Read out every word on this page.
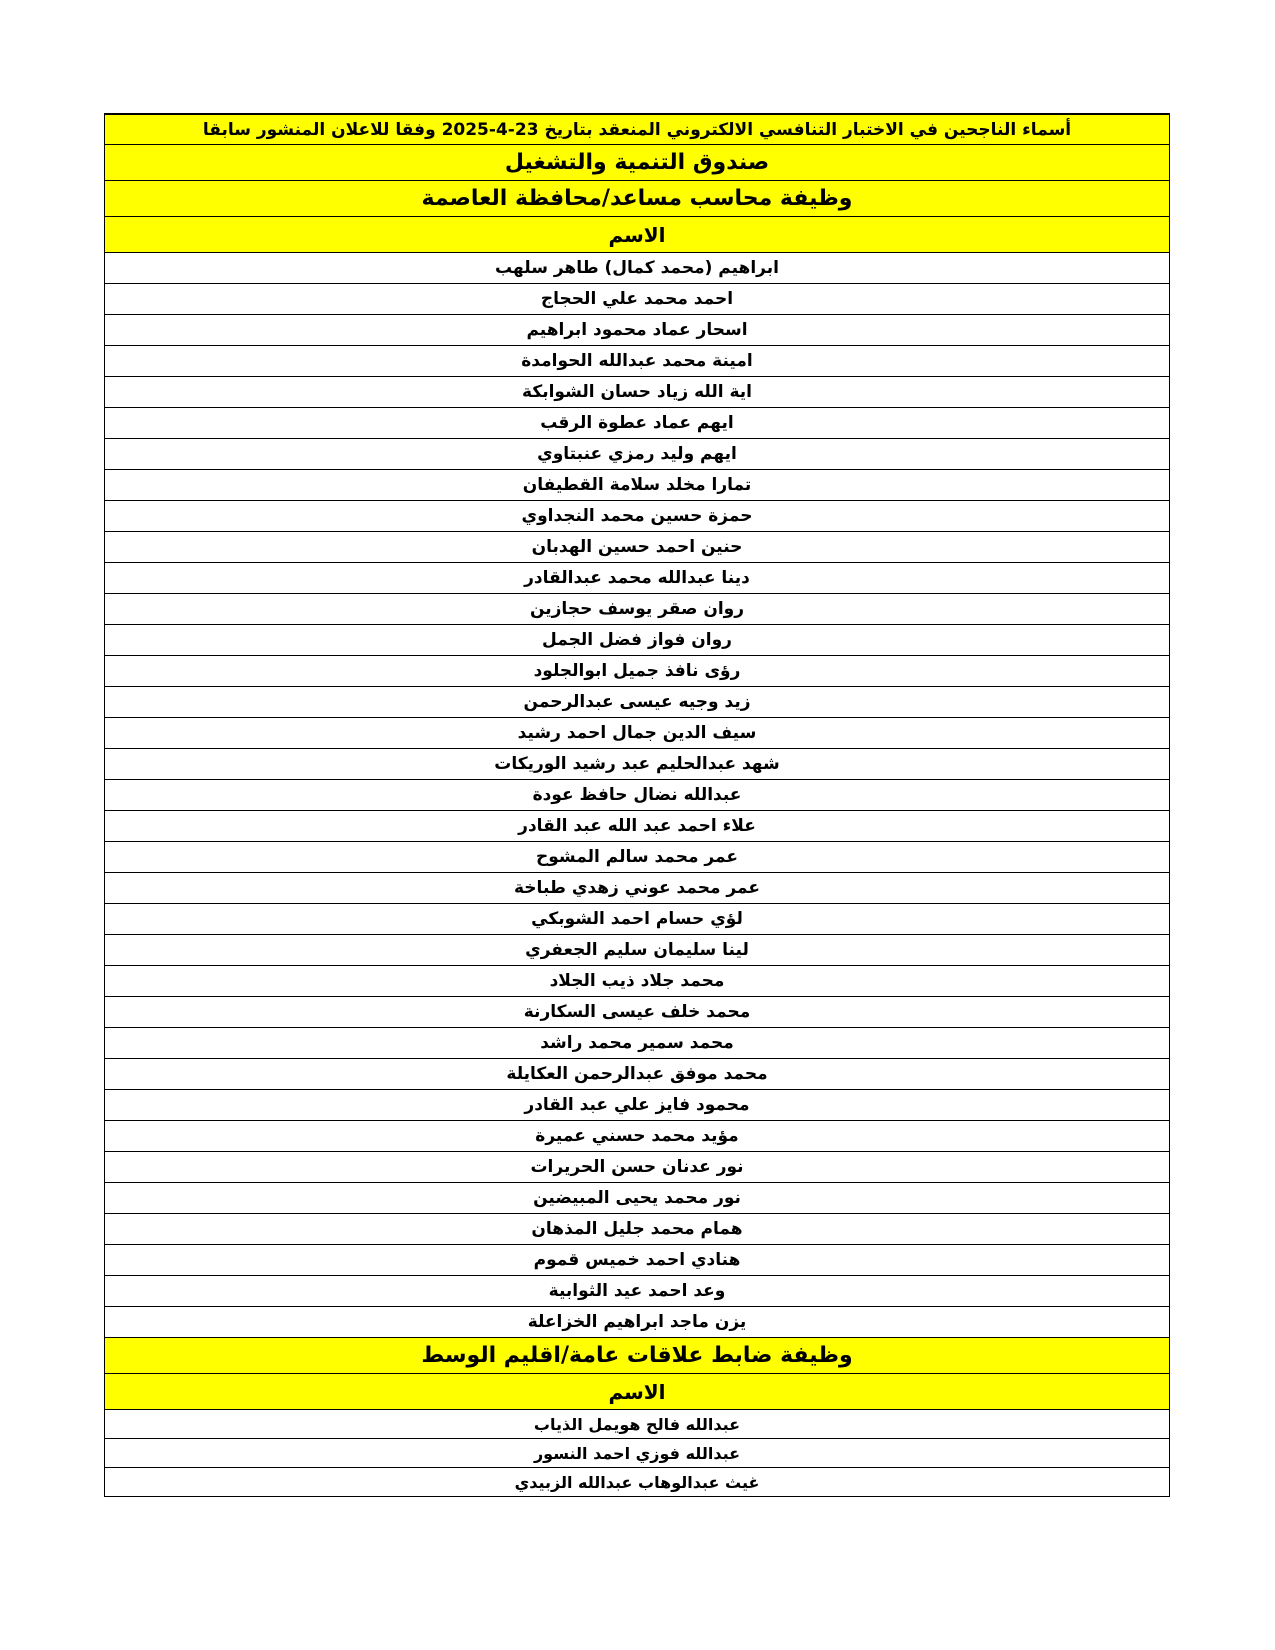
أسماء الناجحين في الاختبار التنافسي الالكتروني المنعقد بتاريخ 23-4-2025 وفقا للاعلان المنشور سابقا
صندوق التنمية والتشغيل
وظيفة محاسب مساعد/محافظة العاصمة
الاسم
ابراهيم (محمد كمال) طاهر سلهب
احمد محمد علي الحجاج
اسحار عماد محمود ابراهيم
امينة محمد عبدالله الحوامدة
اية الله زياد حسان الشوابكة
ايهم عماد عطوة الرقب
ايهم وليد رمزي عنبتاوي
تمارا مخلد سلامة القطيفان
حمزة حسين محمد النجداوي
حنين احمد حسين الهدبان
دينا عبدالله محمد عبدالقادر
روان صقر يوسف حجازين
روان فواز فضل الجمل
رؤى نافذ جميل ابوالجلود
زيد وجيه عيسى عبدالرحمن
سيف الدين جمال احمد رشيد
شهد عبدالحليم عبد رشيد الوريكات
عبدالله نضال حافظ عودة
علاء احمد عبد الله عبد القادر
عمر محمد سالم المشوح
عمر محمد عوني زهدي طباخة
لؤي حسام احمد الشوبكي
لينا سليمان سليم الجعفري
محمد جلاد ذيب الجلاد
محمد خلف عيسى السكارنة
محمد سمير محمد راشد
محمد موفق عبدالرحمن العكايلة
محمود فايز علي عبد القادر
مؤيد محمد حسني عميرة
نور عدنان حسن الحريرات
نور محمد يحيى المبيضين
همام محمد جليل المذهان
هنادي احمد خميس قموم
وعد احمد عيد الثوابية
يزن ماجد ابراهيم الخزاعلة
وظيفة ضابط علاقات عامة/اقليم الوسط
الاسم
عبدالله فالح هويمل الذياب
عبدالله فوزي احمد النسور
غيث عبدالوهاب عبدالله الزبيدي
